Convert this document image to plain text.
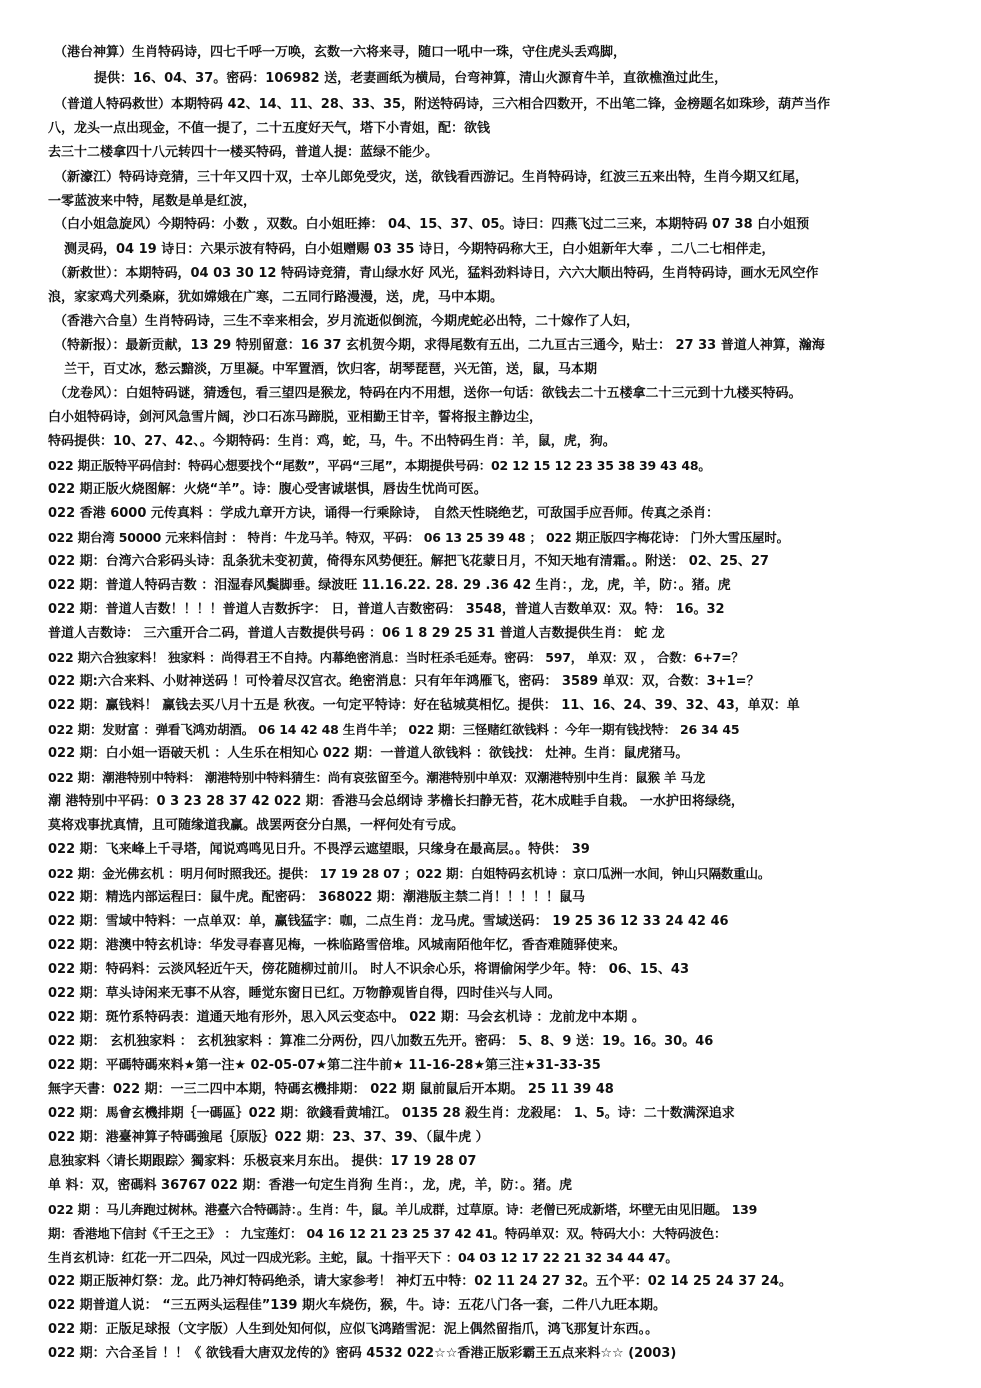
（港台神算）生肖特码诗，四七千呼一万唤，玄数一六将来寻，随口一吼中一珠，守住虎头丢鸡脚，
提供：16、04、37。密码：106982 送，老妻画纸为横局，台弯神算，清山火源育牛羊，直欲樵渔过此生，
（普道人特码救世）本期特码 42、14、11、28、33、35，附送特码诗，三六相合四数开，不出笔二锋，金榜题名如珠珍，葫芦当作
八，龙头一点出现金，不值一提了，二十五度好天气，塔下小青姐，配：欲钱
去三十二楼拿四十八元转四十一楼买特码，普道人提：蓝绿不能少。
（新濠江）特码诗竞猜，三十年又四十双，士卒儿郎免受灾，送，欲钱看西游记。生肖特码诗，红波三五来出特，生肖今期又红尾，
一零蓝波来中特，尾数是单是红波，
（白小姐急旋风）今期特码：小数 ，双数。白小姐旺捧： 04、15、37、05。诗曰：四燕飞过二三来，本期特码 07 38 白小姐预
测灵码，04 19 诗日：六果示波有特码，白小姐赠赐 03 35 诗日，今期特码称大王，白小姐新年大奉 ，二八二七相伴走，
（新救世）：本期特码，04 03 30 12 特码诗竞猜，青山绿水好 风光，猛料劲料诗日，六六大顺出特码，生肖特码诗，画水无风空作
浪，家家鸡犬列桑麻，犹如嫦娥在广寒，二五同行路漫漫，送，虎，马中本期。
（香港六合皇）生肖特码诗，三生不幸来相会，岁月流逝似倒流，今期虎蛇必出特，二十嫁作了人妇，
（特新报）：最新贡献，13 29 特别留意：16 37 玄机贺今期，求得尾数有五出，二九亘古三通今，贴士： 27 33 普道人神算，瀚海
兰干，百丈冰，愁云黯淡，万里凝。中军置酒，饮归客，胡琴琵琶，兴无笛，送，鼠，马本期
（龙卷风）：白姐特码谜，猜透包，看三望四是猴龙，特码在内不用想，送你一句话：欲钱去二十五楼拿二十三元到十九楼买特码。
白小姐特码诗，剑河风急雪片阔，沙口石冻马蹄脱，亚相勤王甘辛，誓将报主静边尘，
特码提供：10、27、42、。今期特码：生肖：鸡，蛇，马，牛。不出特码生肖：羊，鼠，虎，狗。
022 期正版特平码信封：特码心想要找个“尾数”，平码“三尾”，本期提供号码：02 12 15 12 23 35 38 39 43 48。
022 期正版火烧图解：火烧“羊”。诗：腹心受害诚堪惧，唇齿生忧尚可医。
022 香港 6000 元传真料 ：学成九章开方诀，诵得一行乘除诗， 自然天性晓绝艺，可敌国手应吾师。传真之杀肖：
022 期台湾 50000 元来料信封 ： 特肖：牛龙马羊。特双，平码： 06 13 25 39 48 ； 022 期正版四字梅花诗： 门外大雪压屋时。
022 期：台湾六合彩码头诗：乱条犹未变初黄，倚得东风势便狂。解把飞花蒙日月，不知天地有清霜。。附送： 02、25、27
022 期：普道人特码吉数 ：泪湿春风鬓脚垂。绿波旺 11.16.22. 28. 29 .36 42 生肖：，龙，虎，羊，防：。猪。虎
022 期：普道人吉数！！！！普道人吉数拆字： 日，普道人吉数密码： 3548，普道人吉数单双：双。特： 16。32
普道人吉数诗： 三六重开合二码，普道人吉数提供号码 ：06 1 8 29 25 31 普道人吉数提供生肖： 蛇 龙
022 期六合独家料！ 独家料 ：尚得君王不自持。内幕绝密消息：当时枉杀毛延寿。密码： 597， 单双：双 ， 合数：6+7=？
022 期:六合来料、小财神送码 ！可怜着尽汉宫衣。绝密消息：只有年年鸿雁飞，密码： 3589 单双：双，合数：3+1=？
022 期：赢钱料！ 赢钱去买八月十五是 秋夜。一句定平特诗：好在毡城莫相忆。提供： 11、16、24、39、32、43，单双：单
022 期：发财富 ：弹看飞鸿劝胡酒。 06 14 42 48 生肖牛羊； 022 期：三怪赌红欲钱料 ：今年一期有钱找特： 26 34 45
022 期：白小姐一语破天机 ：人生乐在相知心 022 期：一普道人欲钱料 ：欲钱找： 灶神。生肖：鼠虎猪马。
022 期：潮港特别中特料： 潮港特别中特料猜生：尚有哀弦留至今。潮港特别中单双：双潮港特别中生肖：鼠猴 羊 马龙
潮 港特别中平码：0 3 23 28 37 42 022 期：香港马会总纲诗 茅檐长扫静无苔，花木成畦手自栽。 一水护田将绿绕，
莫将戏事扰真情，且可随缘道我赢。战罢两奁分白黑，一枰何处有亏成。
022 期：飞来峰上千寻塔，闻说鸡鸣见日升。不畏浮云遮望眼，只缘身在最高层。。特供： 39
022 期：金光佛玄机 ：明月何时照我还。提供： 17 19 28 07 ；022 期：白姐特码玄机诗 ：京口瓜洲一水间，钟山只隔数重山。
022 期：精选内部运程曰：鼠牛虎。配密码： 368022 期：潮港版主禁二肖！！！！！鼠马
022 期：雪域中特料：一点单双：单，赢钱猛字：咖，二点生肖：龙马虎。雪域送码： 19 25 36 12 33 24 42 46
022 期：港澳中特玄机诗：华发寻春喜见梅，一株临路雪倍堆。风城南陌他年忆，香杳难随驿使来。
022 期：特码料：云淡风轻近午天，傍花随柳过前川。 时人不识余心乐，将谓偷闲学少年。特： 06、15、43
022 期：草头诗闲来无事不从容，睡觉东窗日已红。万物静观皆自得，四时佳兴与人同。
022 期：斑竹系特码表：道通天地有形外，思入风云变态中。 022 期：马会玄机诗 ：龙前龙中本期 。
022 期： 玄机独家料 ： 玄机独家料 ：算准二分两份，四八加数五先开。密码： 5、8、9 送：19。16。30。46
022 期：平碼特碼來料★第一注★ 02-05-07★第二注牛前★ 11-16-28★第三注★31-33-35
無字天書：022 期：一三二四中本期，特碼玄機排期： 022 期 鼠前鼠后开本期。 25 11 39 48
022 期：馬會玄機排期｛一碼區｝022 期：欲錢看黄埔江。 0135 28 殺生肖：龙殺尾： 1、5。诗：二十数满深追求
022 期：港臺神算子特碼強尾｛原版｝022 期：23、37、39、（鼠牛虎 ）
息独家料〈请长期跟踪〉獨家料：乐极哀来月东出。 提供：17 19 28 07
单 料：双，密碼料 36767 022 期：香港一句定生肖狗 生肖：，龙，虎，羊，防：。猪。虎
022 期 ：马儿奔跑过树林。港臺六合特碼詩：。生肖：牛，鼠。羊儿成群，过草原。诗：老僧已死成新塔，坏壁无由见旧题。 139
期：香港地下信封《千王之王》 ： 九宝莲灯： 04 16 12 21 23 25 37 42 41。特码单双：双。特码大小：大特码波色：
生肖玄机诗：红花一开二四朵，风过一四成光彩。主蛇，鼠。十指平天下 ：04 03 12 17 22 21 32 34 44 47。
022 期正版神灯祭：龙。此乃神灯特码绝杀，请大家参考！ 神灯五中特：02 11 24 27 32。五个平：02 14 25 24 37 24。
022 期普道人说： “三五两头运程佳”139 期火车烧伤，猴，牛。诗：五花八门各一套，二件八九旺本期。
022 期：正版足球报（文字版）人生到处知何似，应似飞鸿踏雪泥：泥上偶然留指爪，鸿飞那复计东西。。
022 期：六合圣旨 ！！《 欲钱看大唐双龙传的》密码 4532 022☆☆香港正版彩霸王五点来料☆☆ (2003)
